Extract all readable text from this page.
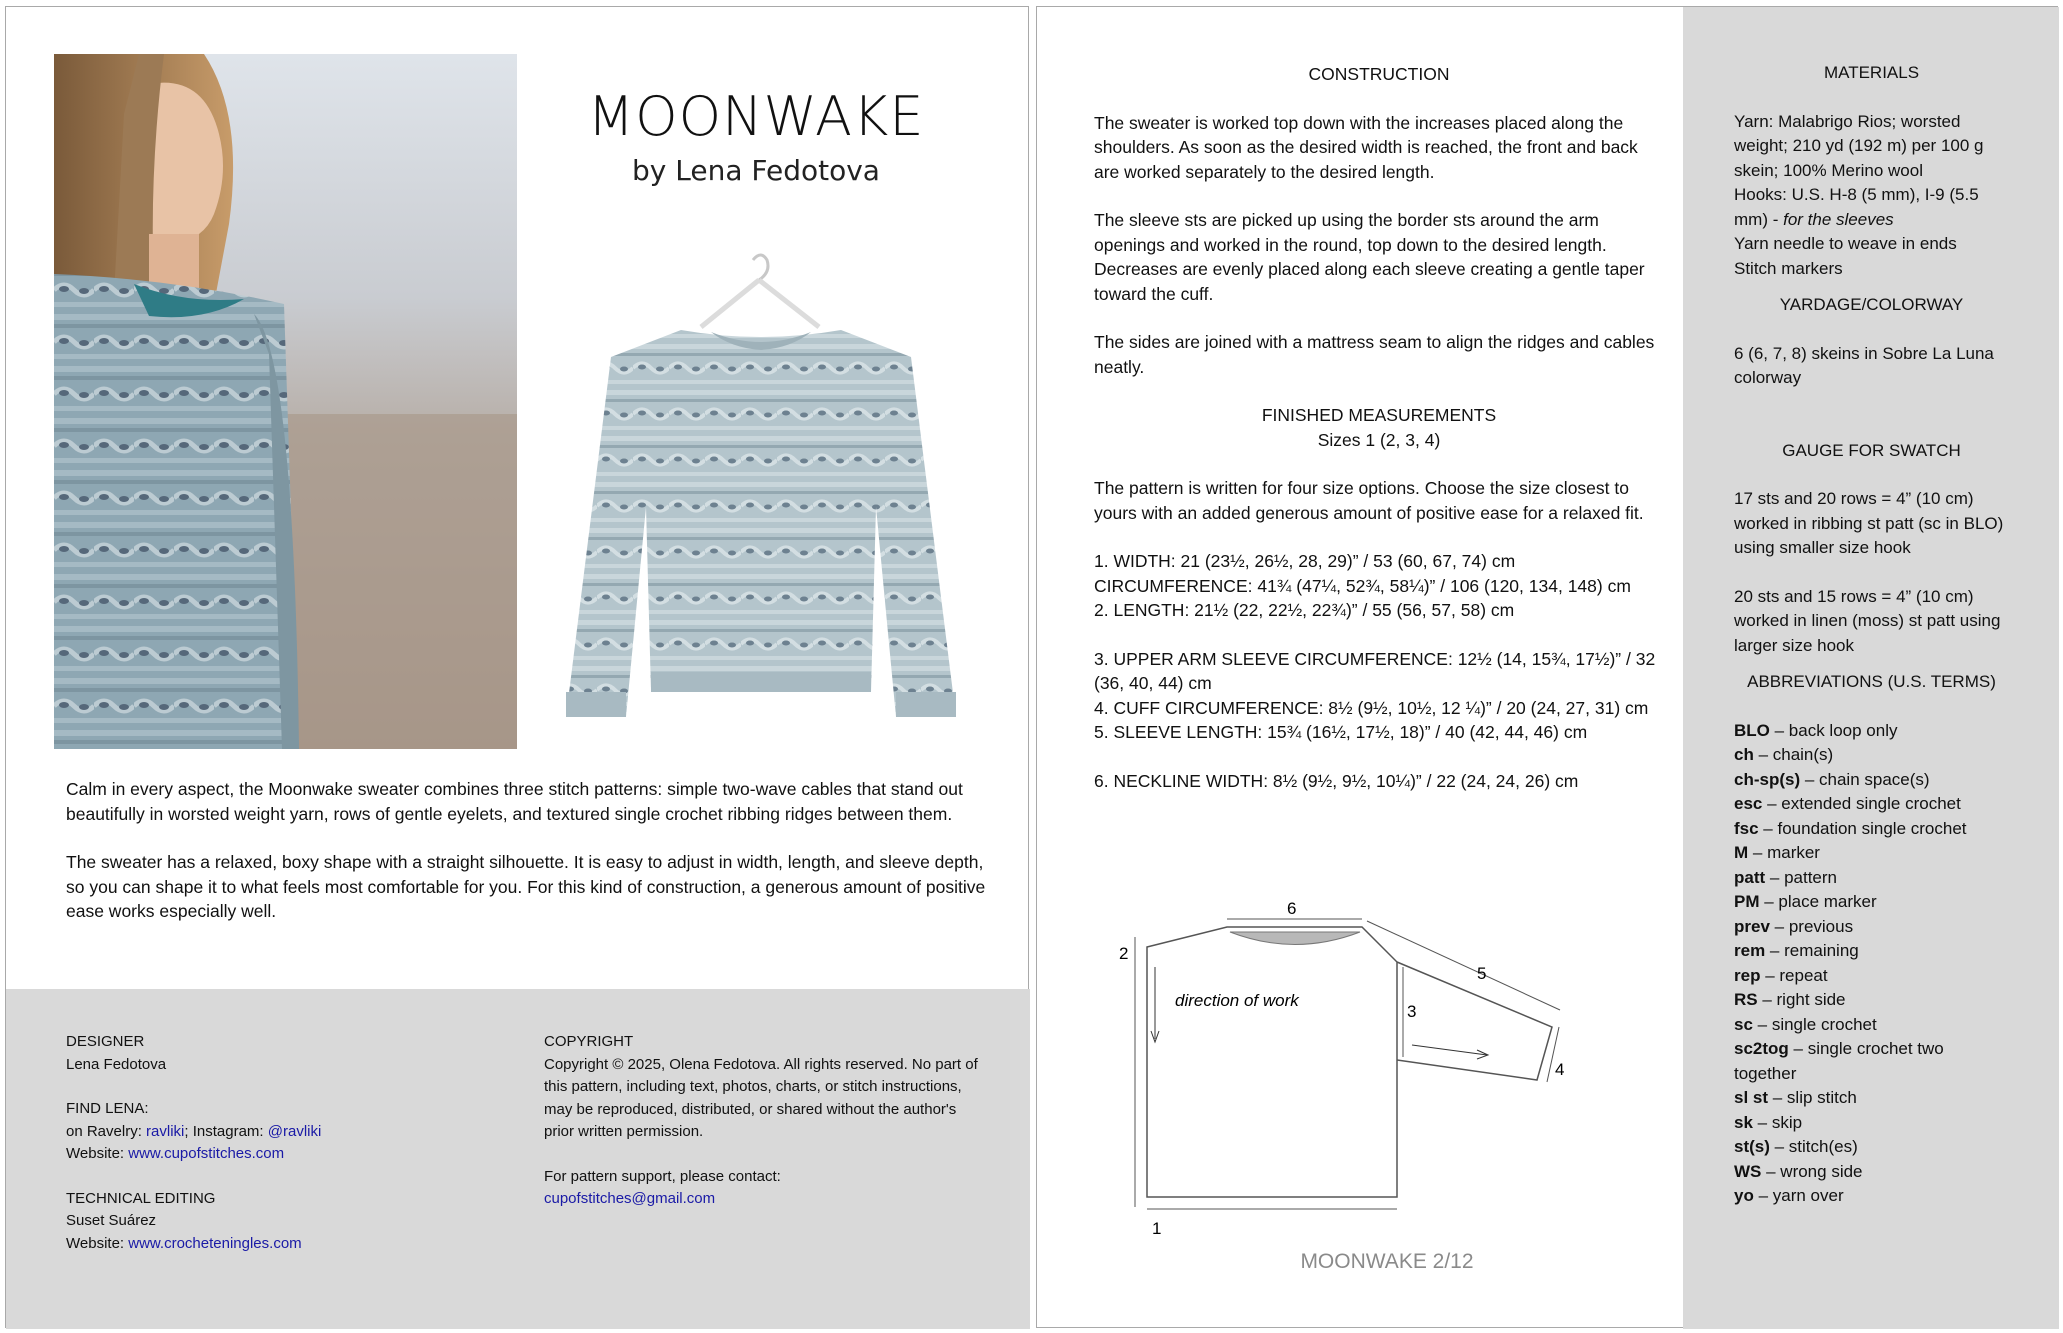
MOONWAKE
by Lena Fedotova

Calm in every aspect, the Moonwake sweater combines three stitch patterns: simple two-wave cables that stand out beautifully in worsted weight yarn, rows of gentle eyelets, and textured single crochet ribbing ridges between them.

The sweater has a relaxed, boxy shape with a straight silhouette. It is easy to adjust in width, length, and sleeve depth, so you can shape it to what feels most comfortable for you. For this kind of construction, a generous amount of positive ease works especially well.

DESIGNER
Lena Fedotova
FIND LENA:
on Ravelry: ravliki; Instagram: @ravliki
Website: www.cupofstitches.com
TECHNICAL EDITING
Suset Suárez
Website: www.crocheteningles.com
COPYRIGHT
Copyright © 2025, Olena Fedotova. All rights reserved. No part of this pattern, including text, photos, charts, or stitch instructions, may be reproduced, distributed, or shared without the author's prior written permission.
For pattern support, please contact:
cupofstitches@gmail.com
CONSTRUCTION
The sweater is worked top down with the increases placed along the shoulders. As soon as the desired width is reached, the front and back are worked separately to the desired length.
The sleeve sts are picked up using the border sts around the arm openings and worked in the round, top down to the desired length. Decreases are evenly placed along each sleeve creating a gentle taper toward the cuff.
The sides are joined with a mattress seam to align the ridges and cables neatly.
FINISHED MEASUREMENTS
Sizes 1 (2, 3, 4)
The pattern is written for four size options. Choose the size closest to yours with an added generous amount of positive ease for a relaxed fit.
1. WIDTH: 21 (23½, 26½, 28, 29)” / 53 (60, 67, 74) cm
CIRCUMFERENCE: 41¾ (47¼, 52¾, 58¼)” / 106 (120, 134, 148) cm
2. LENGTH: 21½ (22, 22½, 22¾)” / 55 (56, 57, 58) cm
3. UPPER ARM SLEEVE CIRCUMFERENCE: 12½ (14, 15¾, 17½)” / 32 (36, 40, 44) cm
4. CUFF CIRCUMFERENCE: 8½ (9½, 10½, 12 ¼)” / 20 (24, 27, 31) cm
5. SLEEVE LENGTH: 15¾ (16½, 17½, 18)” / 40 (42, 44, 46) cm
6. NECKLINE WIDTH: 8½ (9½, 9½, 10¼)” / 22 (24, 24, 26) cm
2
1
3
4
5
6
direction of work
MOONWAKE 2/12
MATERIALS
Yarn: Malabrigo Rios; worsted weight; 210 yd (192 m) per 100 g skein; 100% Merino wool
Hooks: U.S. H-8 (5 mm), I-9 (5.5 mm) - for the sleeves
Yarn needle to weave in ends
Stitch markers
YARDAGE/COLORWAY
6 (6, 7, 8) skeins in Sobre La Luna colorway
GAUGE FOR SWATCH
17 sts and 20 rows = 4” (10 cm) worked in ribbing st patt (sc in BLO) using smaller size hook
20 sts and 15 rows = 4” (10 cm) worked in linen (moss) st patt using larger size hook
ABBREVIATIONS (U.S. TERMS)
BLO – back loop only
ch – chain(s)
ch-sp(s) – chain space(s)
esc – extended single crochet
fsc – foundation single crochet
M – marker
patt – pattern
PM – place marker
prev – previous
rem – remaining
rep – repeat
RS – right side
sc – single crochet
sc2tog – single crochet two together
sl st – slip stitch
sk – skip
st(s) – stitch(es)
WS – wrong side
yo – yarn over
